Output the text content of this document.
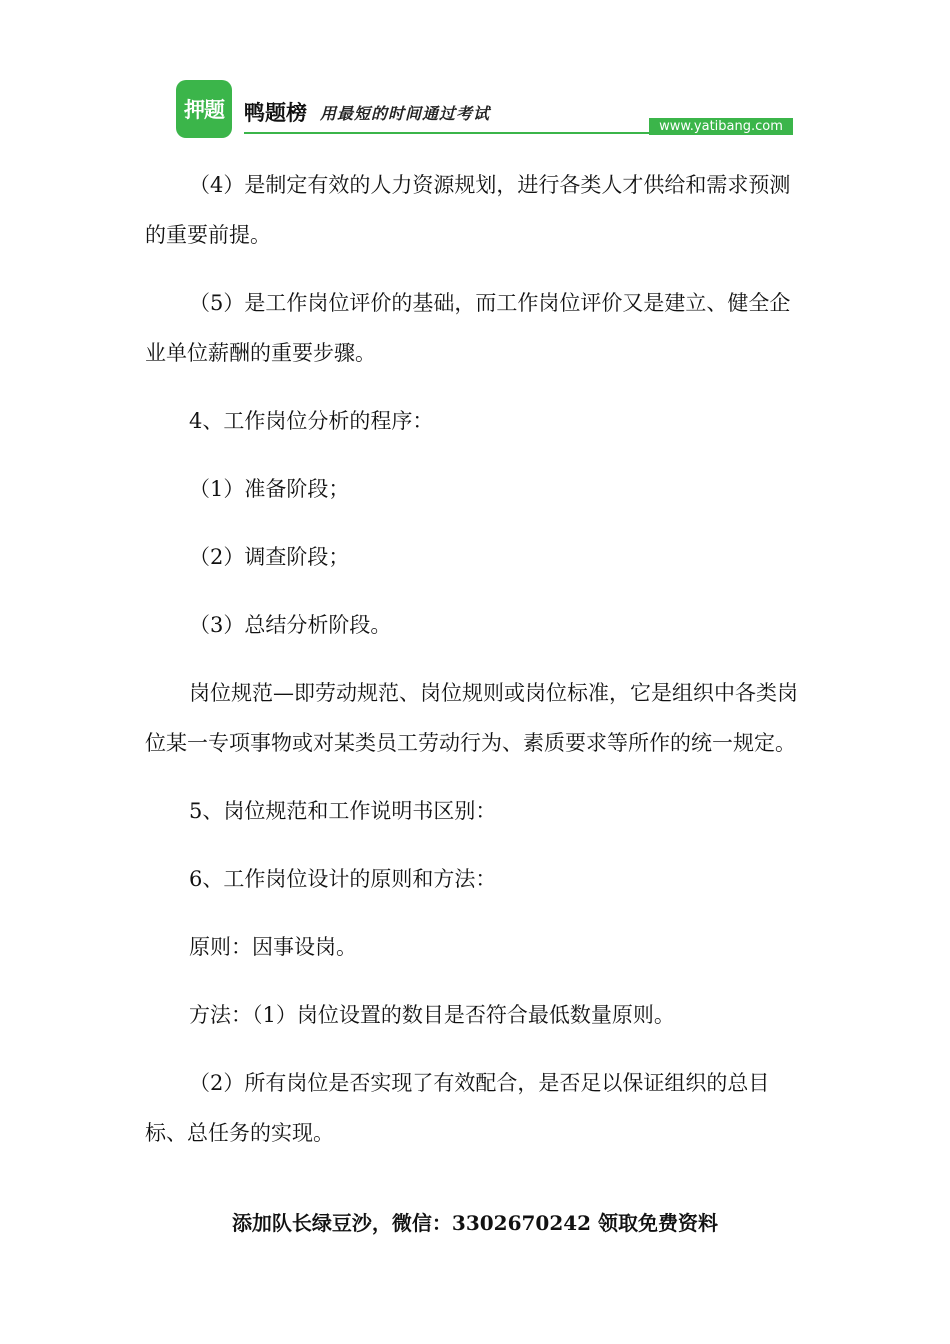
押题 鸭题榜 用最短的时间通过考试
www.yatibang.com

（4）是制定有效的人力资源规划，进行各类人才供给和需求预测的重要前提。

（5）是工作岗位评价的基础，而工作岗位评价又是建立、健全企业单位薪酬的重要步骤。

4、工作岗位分析的程序：

（1）准备阶段；

（2）调查阶段；

（3）总结分析阶段。

岗位规范—即劳动规范、岗位规则或岗位标准，它是组织中各类岗位某一专项事物或对某类员工劳动行为、素质要求等所作的统一规定。

5、岗位规范和工作说明书区别：

6、工作岗位设计的原则和方法：

原则：因事设岗。

方法：（1）岗位设置的数目是否符合最低数量原则。

（2）所有岗位是否实现了有效配合，是否足以保证组织的总目标、总任务的实现。

添加队长绿豆沙，微信：3302670242 领取免费资料
